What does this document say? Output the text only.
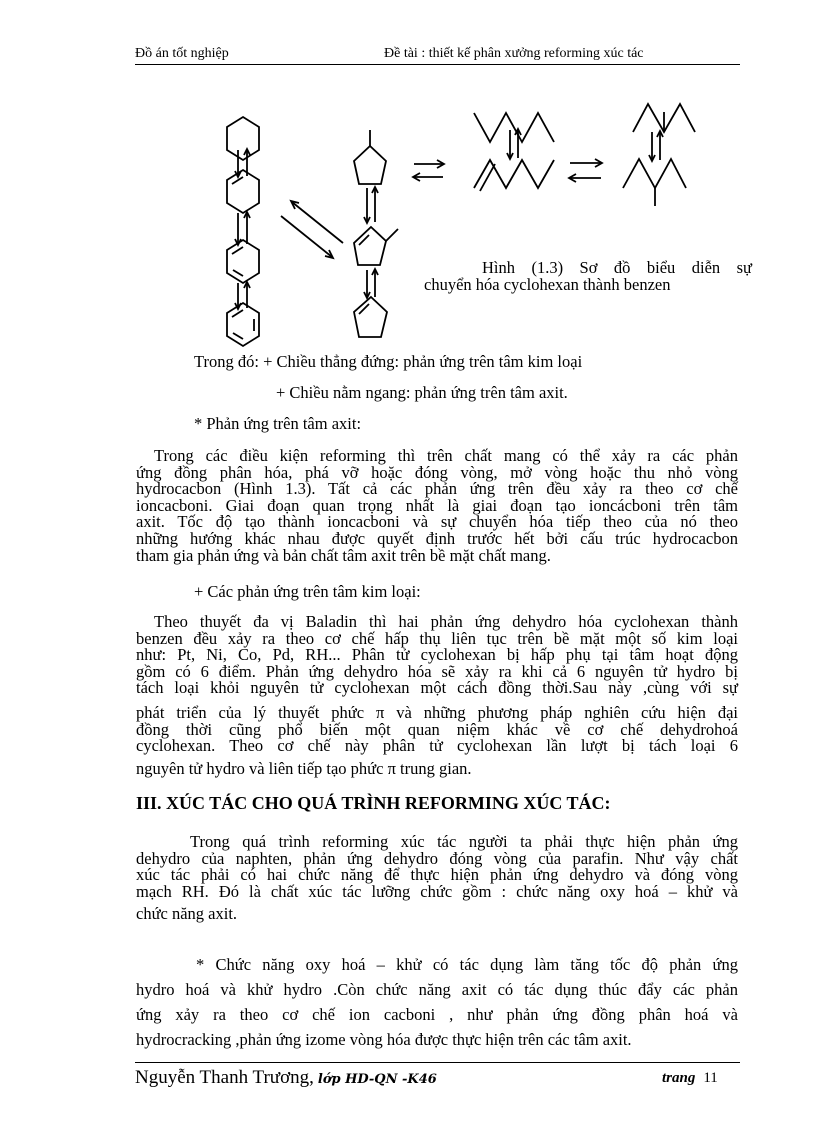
Đồ án tốt nghiệp	Đề tài : thiết kế phân xưởng reforming xúc tác
Hình (1.3) Sơ đồ biểu diễn sự
chuyển hóa cyclohexan thành benzen
Trong đó: + Chiều thẳng đứng: phản ứng trên tâm kim loại
+ Chiều nằm ngang: phản ứng trên tâm axit.
* Phản ứng trên tâm axit:
Trong các điều kiện reforming thì trên chất mang có thể xảy ra các phản
ứng đồng phân hóa, phá vỡ hoặc đóng vòng, mở vòng hoặc thu nhỏ vòng
hydrocacbon (Hình 1.3). Tất cả các phản ứng trên đều xảy ra theo cơ chế
ioncacboni. Giai đoạn quan trọng nhất là giai đoạn tạo ioncácboni trên tâm
axit. Tốc độ tạo thành ioncacboni và sự chuyển hóa tiếp theo của nó theo
những hướng khác nhau được quyết định trước hết bởi cấu trúc hydrocacbon
tham gia phản ứng và bản chất tâm axit trên bề mặt chất mang.
+ Các phản ứng trên tâm kim loại:
Theo thuyết đa vị Baladin thì hai phản ứng dehydro hóa cyclohexan thành
benzen đều xảy ra theo cơ chế hấp thụ liên tục trên bề mặt một số kim loại
như: Pt, Ni, Co, Pd, RH... Phân tử cyclohexan bị hấp phụ tại tâm hoạt động
gồm có 6 điểm. Phản ứng dehydro hóa sẽ xảy ra khi cả 6 nguyên tử hydro bị
tách loại khỏi nguyên tử cyclohexan một cách đồng thời.Sau này ,cùng với sự
phát triển của lý thuyết phức π và những phương pháp nghiên cứu hiện đại
đồng thời cũng phổ biến một quan niệm khác về cơ chế dehydrohoá
cyclohexan. Theo cơ chế này phân tử cyclohexan lần lượt bị tách loại 6
nguyên tử hydro và liên tiếp tạo phức π trung gian.
III. XÚC TÁC CHO QUÁ TRÌNH REFORMING XÚC TÁC:
Trong quá trình reforming xúc tác người ta phải thực hiện phản ứng
dehydro của naphten, phản ứng dehydro đóng vòng của parafin. Như vậy chất
xúc tác phải có hai chức năng để thực hiện phản ứng dehydro và đóng vòng
mạch RH. Đó là chất xúc tác lưỡng chức gồm : chức năng oxy hoá – khử và
chức năng axit.
* Chức năng oxy hoá – khử có tác dụng làm tăng tốc độ phản ứng
hydro hoá và khử hydro .Còn chức năng axit có tác dụng thúc đẩy các phản
ứng xảy ra theo cơ chế ion cacboni , như phản ứng đồng phân hoá và
hydrocracking ,phản ứng izome vòng hóa được thực hiện trên các tâm axit.
Nguyễn Thanh Trương, lớp HD-QN -K46	trang 11
